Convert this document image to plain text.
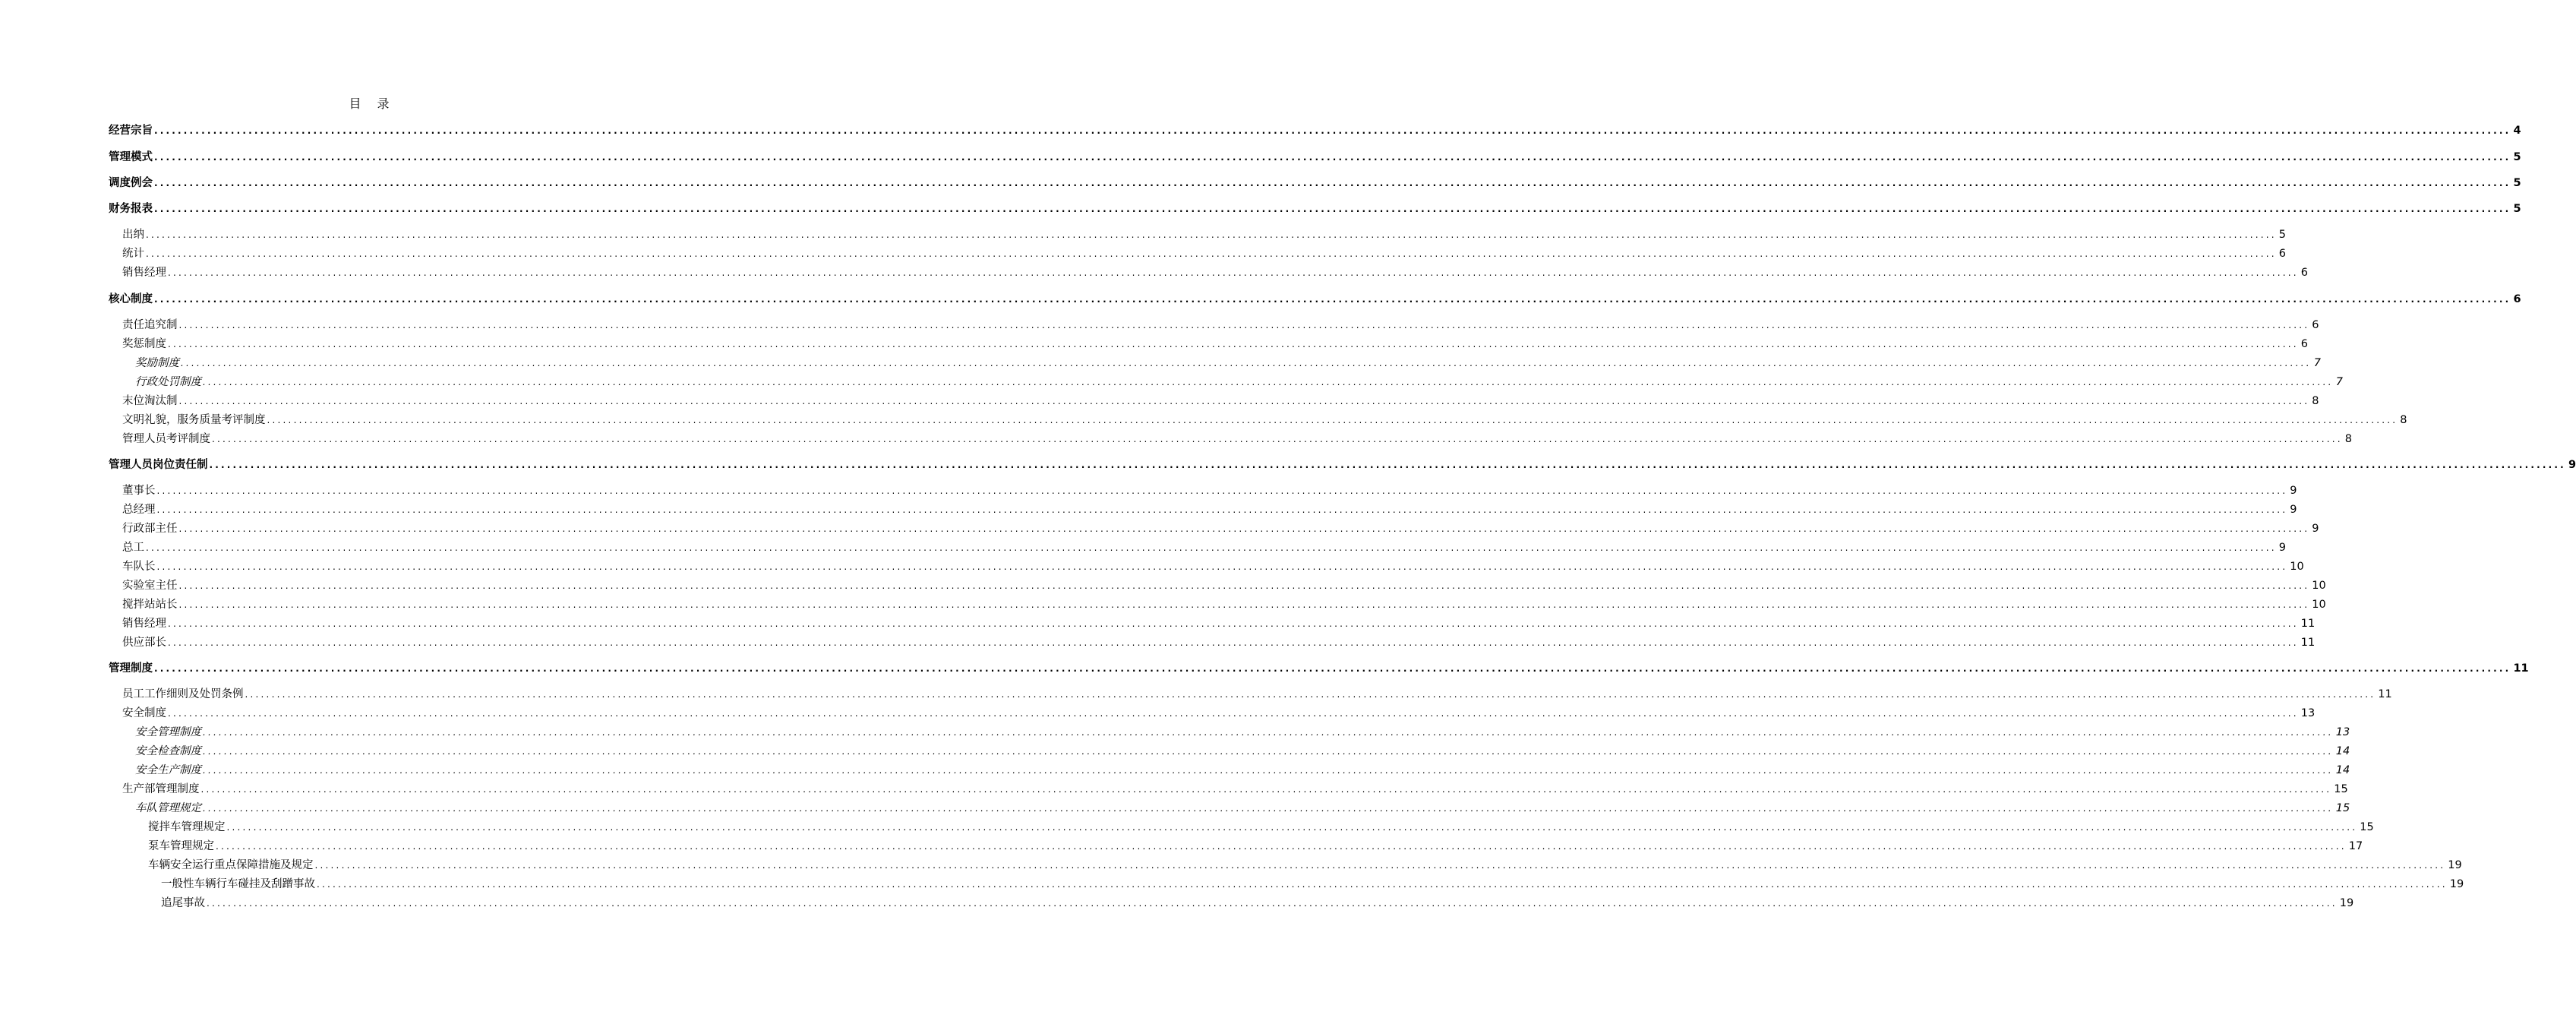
目 录
经营宗旨 ................................................................................................................................................................................................................................................................................................................................................................................................................ 4
管理模式 ................................................................................................................................................................................................................................................................................................................................................................................................................ 5
调度例会 ................................................................................................................................................................................................................................................................................................................................................................................................................ 5
财务报表 ................................................................................................................................................................................................................................................................................................................................................................................................................ 5
出纳 ................................................................................................................................................................................................................................................................................................................................................................................................................ 5
统计 ................................................................................................................................................................................................................................................................................................................................................................................................................ 6
销售经理 ................................................................................................................................................................................................................................................................................................................................................................................................................ 6
核心制度 ................................................................................................................................................................................................................................................................................................................................................................................................................ 6
责任追究制 ................................................................................................................................................................................................................................................................................................................................................................................................................ 6
奖惩制度 ................................................................................................................................................................................................................................................................................................................................................................................................................ 6
奖励制度 ................................................................................................................................................................................................................................................................................................................................................................................................................ 7
行政处罚制度 ................................................................................................................................................................................................................................................................................................................................................................................................................ 7
末位淘汰制 ................................................................................................................................................................................................................................................................................................................................................................................................................ 8
文明礼貌，服务质量考评制度 ................................................................................................................................................................................................................................................................................................................................................................................................................ 8
管理人员考评制度 ................................................................................................................................................................................................................................................................................................................................................................................................................ 8
管理人员岗位责任制 ................................................................................................................................................................................................................................................................................................................................................................................................................ 9
董事长 ................................................................................................................................................................................................................................................................................................................................................................................................................ 9
总经理 ................................................................................................................................................................................................................................................................................................................................................................................................................ 9
行政部主任 ................................................................................................................................................................................................................................................................................................................................................................................................................ 9
总工 ................................................................................................................................................................................................................................................................................................................................................................................................................ 9
车队长 ................................................................................................................................................................................................................................................................................................................................................................................................................ 10
实验室主任 ................................................................................................................................................................................................................................................................................................................................................................................................................ 10
搅拌站站长 ................................................................................................................................................................................................................................................................................................................................................................................................................ 10
销售经理 ................................................................................................................................................................................................................................................................................................................................................................................................................ 11
供应部长 ................................................................................................................................................................................................................................................................................................................................................................................................................ 11
管理制度 ................................................................................................................................................................................................................................................................................................................................................................................................................ 11
员工工作细则及处罚条例 ................................................................................................................................................................................................................................................................................................................................................................................................................ 11
安全制度 ................................................................................................................................................................................................................................................................................................................................................................................................................ 13
安全管理制度 ................................................................................................................................................................................................................................................................................................................................................................................................................ 13
安全检查制度 ................................................................................................................................................................................................................................................................................................................................................................................................................ 14
安全生产制度 ................................................................................................................................................................................................................................................................................................................................................................................................................ 14
生产部管理制度 ................................................................................................................................................................................................................................................................................................................................................................................................................ 15
车队管理规定 ................................................................................................................................................................................................................................................................................................................................................................................................................ 15
搅拌车管理规定 ................................................................................................................................................................................................................................................................................................................................................................................................................ 15
泵车管理规定 ................................................................................................................................................................................................................................................................................................................................................................................................................ 17
车辆安全运行重点保障措施及规定 ................................................................................................................................................................................................................................................................................................................................................................................................................ 19
一般性车辆行车碰挂及刮蹭事故 ................................................................................................................................................................................................................................................................................................................................................................................................................ 19
追尾事故 ................................................................................................................................................................................................................................................................................................................................................................................................................ 19
